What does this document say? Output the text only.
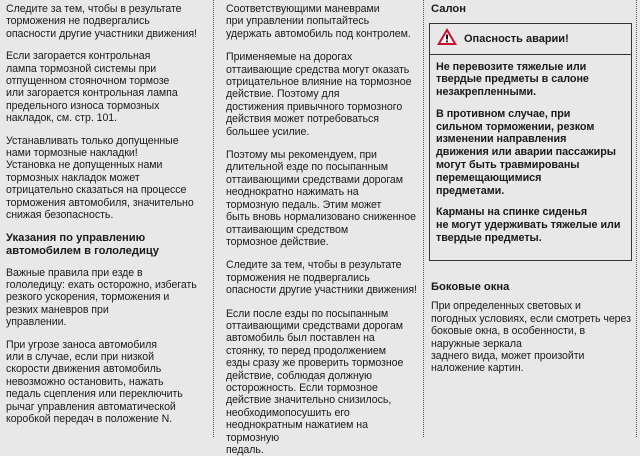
Следите за тем, чтобы в результате торможения не подвергались
опасности другие участники движения!

Если загорается контрольная
лампа тормозной системы при
отпущенном стояночном тормозе
или загорается контрольная лампа предельного износа тормозных накладок, см. стр. 101.

Устанавливать только допущенные нами тормозные накладки!
Установка не допущенных нами
тормозных накладок может отрицательно сказаться на процессе
торможения автомобиля, значительно снижая безопасность.

Указания по управлению автомобилем в гололедицу

Важные правила при езде в гололедицу: ехать осторожно, избегать резкого ускорения, торможения и резких маневров при
управлении.

При угрозе заноса автомобиля
или в случае, если при низкой
скорости движения автомобиль
невозможно остановить, нажать
педаль сцепления или переключить рычаг управления автоматической коробкой передач в положение N.

Соответствующими маневрами
при управлении попытайтесь
удержать автомобиль под контролем.

Применяемые на дорогах оттаивающие средства могут оказать
отрицательное влияние на тормозное действие. Поэтому для
достижения привычного тормозного действия может потребоваться большее усилие.

Поэтому мы рекомендуем, при
длительной езде по посыпанным
оттаивающими средствами дорогам неоднократно нажимать на
тормозную педаль. Этим может
быть вновь нормализовано сниженное оттаивающим средством
тормозное действие.

Следите за тем, чтобы в результате торможения не подвергались
опасности другие участники движения!

Если после езды по посыпанным
оттаивающими средствами дорогам автомобиль был поставлен на
стоянку, то перед продолжением
езды сразу же проверить тормозное действие, соблюдая должную
осторожность. Если тормозное
действие значительно снизилось,
необходимопосушить его неоднократным нажатием на тормозную
педаль.

Салон
Опасность аварии!

Не перевозите тяжелые или
твердые предметы в салоне
незакрепленными.

В противном случае, при
сильном торможении, резком изменении направления
движения или аварии пассажиры могут быть травмированы перемещающимися
предметами.

Карманы на спинке сиденья
не могут удерживать тяжелые или твердые предметы.

Боковые окна

При определенных световых и
погодных условиях, если смотреть через боковые окна, в особенности, в наружные зеркала
заднего вида, может произойти
наложение картин.
